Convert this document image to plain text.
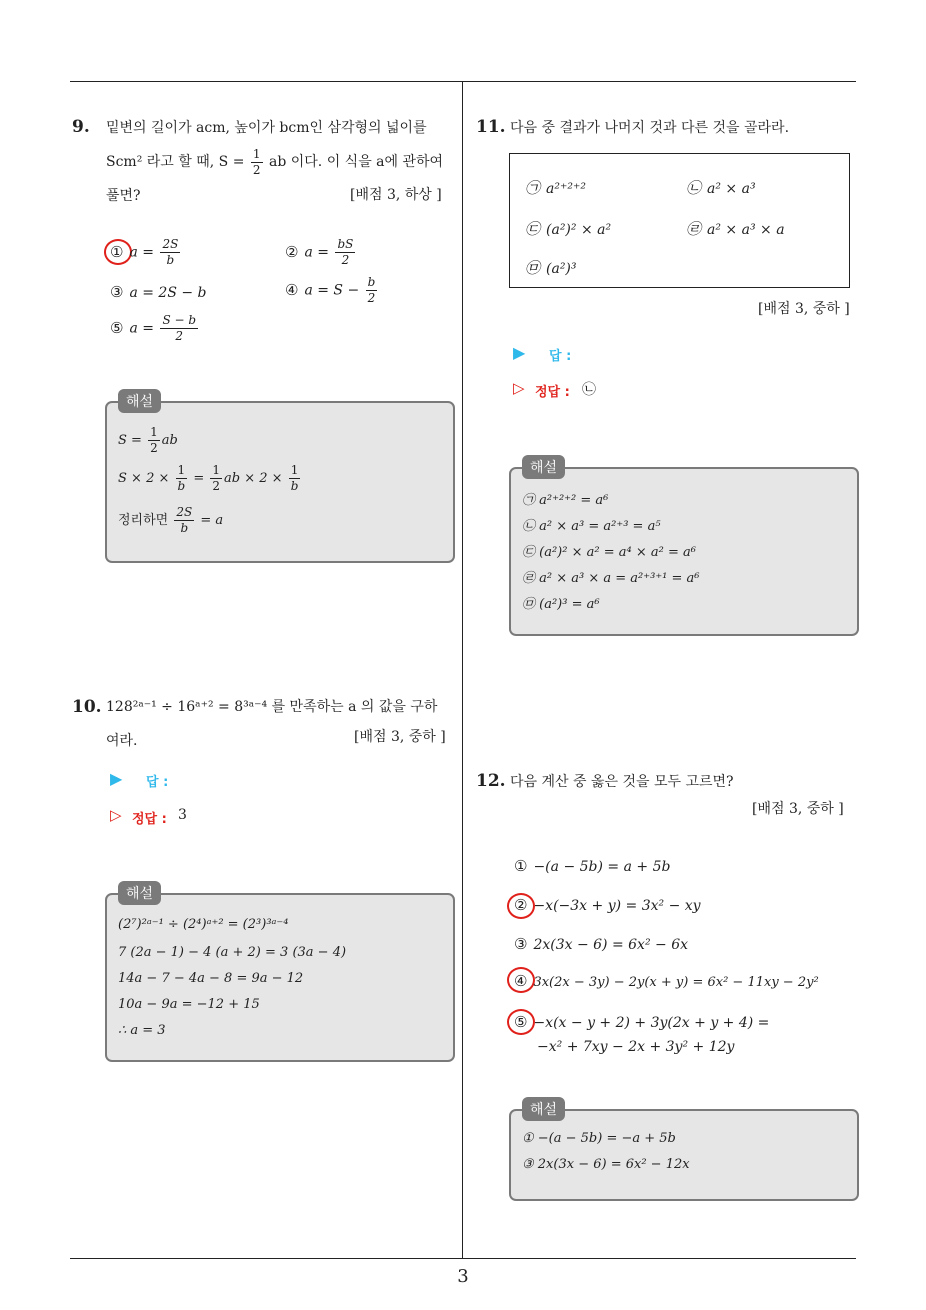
9. 밑변의 길이가 acm, 높이가 bcm인 삼각형의 넓이를
Scm² 라고 할 때, $S = \frac{1}{2}$ ab 이다. 이 식을 a에 관하여
풀면?	[배점 3, 하상 ]
① $a = \frac{2S}{b}$	② $a = \frac{bS}{2}$
③ a = 2S − b	④ $a = S - \frac{b}{2}$
⑤ $a = \frac{S - b}{2}$
해설
$S = \frac{1}{2}$ ab
$S \times 2 \times \frac{1}{b} = \frac{1}{2}$ ab × $2 \times \frac{1}{b}$
정리하면 $\frac{2S}{b} = a$
10. 128²ᵃ⁻¹ ÷ 16ᵃ⁺² = 8³ᵃ⁻⁴ 를 만족하는 a 의 값을 구하
여라.	[배점 3, 중하 ]
▶ 답 :
▷ 정답 : 3
해설
(2⁷)²ᵃ⁻¹ ÷ (2⁴)ᵃ⁺² = (2³)³ᵃ⁻⁴
7 (2a − 1) − 4 (a + 2) = 3 (3a − 4)
14a − 7 − 4a − 8 = 9a − 12
10a − 9a = −12 + 15
∴ a = 3
11. 다음 중 결과가 나머지 것과 다른 것을 골라라.
㉠ a²⁺²⁺²	㉡ a² × a³
㉢ (a²)² × a²	㉣ a² × a³ × a
㉤ (a²)³
[배점 3, 중하 ]
▶ 답 :
▷ 정답 : ㉡
해설
㉠ a²⁺²⁺² = a⁶
㉡ a² × a³ = a²⁺³ = a⁵
㉢ (a²)² × a² = a⁴ × a² = a⁶
㉣ a² × a³ × a = a²⁺³⁺¹ = a⁶
㉤ (a²)³ = a⁶
12. 다음 계산 중 옳은 것을 모두 고르면?
[배점 3, 중하 ]
① −(a − 5b) = a + 5b
② −x(−3x + y) = 3x² − xy
③ 2x(3x − 6) = 6x² − 6x
④ 3x(2x − 3y) − 2y(x + y) = 6x² − 11xy − 2y²
⑤ −x(x − y + 2) + 3y(2x + y + 4) =
−x² + 7xy − 2x + 3y² + 12y
해설
① −(a − 5b) = −a + 5b
③ 2x(3x − 6) = 6x² − 12x
3
